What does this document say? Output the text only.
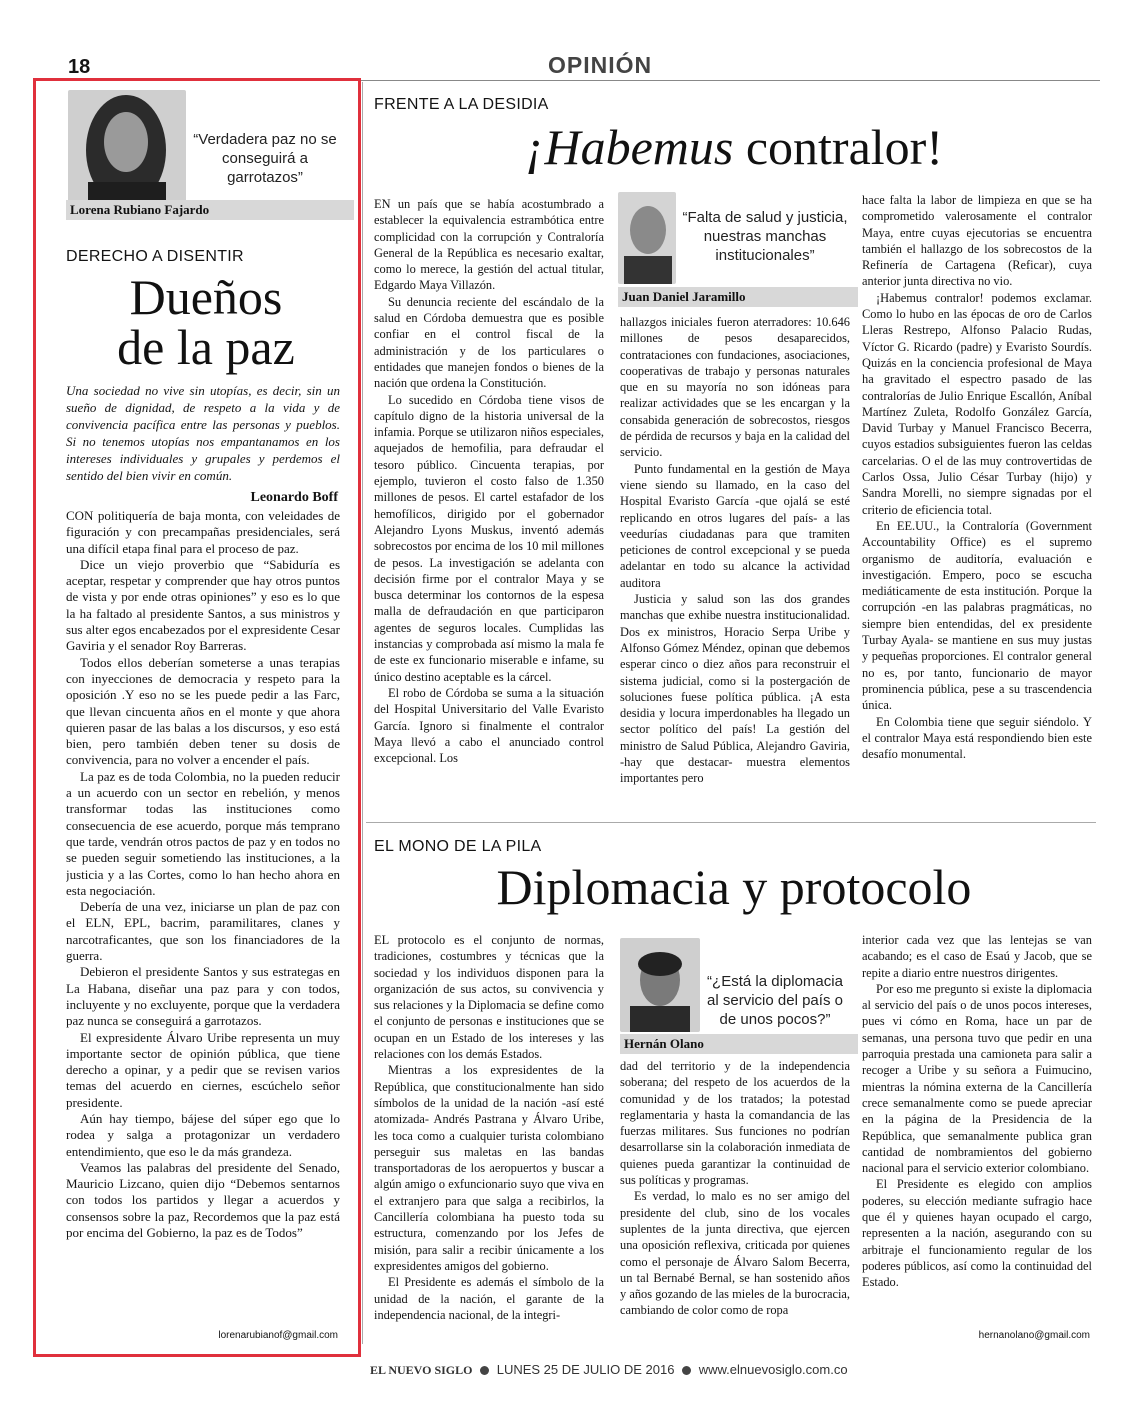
18	OPINIÓN
“Verdadera paz no se conseguirá a garrotazos”
Lorena Rubiano Fajardo
DERECHO A DISENTIR
Dueños
de la paz
Una sociedad no vive sin utopías, es decir, sin un sueño de dignidad, de respeto a la vida y de convivencia pacífica entre las personas y pueblos. Si no tenemos utopías nos empantanamos en los intereses individuales y grupales y perdemos el sentido del bien vivir en común.
Leonardo Boff

CON politiquería de baja monta, con veleidades de figuración y con precampañas presidenciales, será una difícil etapa final para el proceso de paz.

Dice un viejo proverbio que “Sabiduría es aceptar, respetar y comprender que hay otros puntos de vista y por ende otras opiniones” y eso es lo que la ha faltado al presidente Santos, a sus ministros y sus alter egos encabezados por el expresidente Cesar Gaviria y el senador Roy Barreras.

Todos ellos deberían someterse a unas terapias con inyecciones de democracia y respeto para la oposición .Y eso no se les puede pedir a las Farc, que llevan cincuenta años en el monte y que ahora quieren pasar de las balas a los discursos, y eso está bien, pero también deben tener su dosis de convivencia, para no volver a encender el país.

La paz es de toda Colombia, no la pueden reducir a un acuerdo con un sector en rebelión, y menos transformar todas las instituciones como consecuencia de ese acuerdo, porque más temprano que tarde, vendrán otros pactos de paz y en todos no se pueden seguir sometiendo las instituciones, a la justicia y a las Cortes, como lo han hecho ahora en esta negociación.

Debería de una vez, iniciarse un plan de paz con el ELN, EPL, bacrim, paramilitares, clanes y narcotraficantes, que son los financiadores de la guerra.

Debieron el presidente Santos y sus estrategas en La Habana, diseñar una paz para y con todos, incluyente y no excluyente, porque que la verdadera paz nunca se conseguirá a garrotazos.

El expresidente Álvaro Uribe representa un muy importante sector de opinión pública, que tiene derecho a opinar, y a pedir que se revisen varios temas del acuerdo en ciernes, escúchelo señor presidente.

Aún hay tiempo, bájese del súper ego que lo rodea y salga a protagonizar un verdadero entendimiento, que eso le da más grandeza.

Veamos las palabras del presidente del Senado, Mauricio Lizcano, quien dijo “Debemos sentarnos con todos los partidos y llegar a acuerdos y consensos sobre la paz, Recordemos que la paz está por encima del Gobierno, la paz es de Todos”

lorenarubianof@gmail.com
FRENTE A LA DESIDIA
¡Habemus contralor!

EN un país que se había acostumbrado a establecer la equivalencia estrambótica entre complicidad con la corrupción y Contraloría General de la República es necesario exaltar, como lo merece, la gestión del actual titular, Edgardo Maya Villazón.

Su denuncia reciente del escándalo de la salud en Córdoba demuestra que es posible confiar en el control fiscal de la administración y de los particulares o entidades que manejen fondos o bienes de la nación que ordena la Constitución.

Lo sucedido en Córdoba tiene visos de capítulo digno de la historia universal de la infamia. Porque se utilizaron niños especiales, aquejados de hemofilia, para defraudar el tesoro público. Cincuenta terapias, por ejemplo, tuvieron el costo falso de 1.350 millones de pesos. El cartel estafador de los hemofílicos, dirigido por el gobernador Alejandro Lyons Muskus, inventó además sobrecostos por encima de los 10 mil millones de pesos. La investigación se adelanta con decisión firme por el contralor Maya y se busca determinar los contornos de la espesa malla de defraudación en que participaron agentes de seguros locales. Cumplidas las instancias y comprobada así mismo la mala fe de este ex funcionario miserable e infame, su único destino aceptable es la cárcel.

El robo de Córdoba se suma a la situación del Hospital Universitario del Valle Evaristo García. Ignoro si finalmente el contralor Maya llevó a cabo el anunciado control excepcional. Los

“Falta de salud y justicia, nuestras manchas institucionales”
Juan Daniel Jaramillo

hallazgos iniciales fueron aterradores: 10.646 millones de pesos desaparecidos, contrataciones con fundaciones, asociaciones, cooperativas de trabajo y personas naturales que en su mayoría no son idóneas para realizar actividades que se les encargan y la consabida generación de sobrecostos, riesgos de pérdida de recursos y baja en la calidad del servicio.

Punto fundamental en la gestión de Maya viene siendo su llamado, en la caso del Hospital Evaristo García -que ojalá se esté replicando en otros lugares del país- a las veedurías ciudadanas para que tramiten peticiones de control excepcional y se pueda adelantar en todo su alcance la actividad auditora

Justicia y salud son las dos grandes manchas que exhibe nuestra institucionalidad. Dos ex ministros, Horacio Serpa Uribe y Alfonso Gómez Méndez, opinan que debemos esperar cinco o diez años para reconstruir el sistema judicial, como si la postergación de soluciones fuese política pública. ¡A esta desidia y locura imperdonables ha llegado un sector político del país! La gestión del ministro de Salud Pública, Alejandro Gaviria, -hay que destacar- muestra elementos importantes pero

hace falta la labor de limpieza en que se ha comprometido valerosamente el contralor Maya, entre cuyas ejecutorias se encuentra también el hallazgo de los sobrecostos de la Refinería de Cartagena (Reficar), cuya anterior junta directiva no vio.

¡Habemus contralor! podemos exclamar. Como lo hubo en las épocas de oro de Carlos Lleras Restrepo, Alfonso Palacio Rudas, Víctor G. Ricardo (padre) y Evaristo Sourdís. Quizás en la conciencia profesional de Maya ha gravitado el espectro pasado de las contralorías de Julio Enrique Escallón, Aníbal Martínez Zuleta, Rodolfo González García, David Turbay y Manuel Francisco Becerra, cuyos estadios subsiguientes fueron las celdas carcelarias. O el de las muy controvertidas de Carlos Ossa, Julio César Turbay (hijo) y Sandra Morelli, no siempre signadas por el criterio de eficiencia total.

En EE.UU., la Contraloría (Government Accountability Office) es el supremo organismo de auditoría, evaluación e investigación. Empero, poco se escucha mediáticamente de esta institución. Porque la corrupción -en las palabras pragmáticas, no siempre bien entendidas, del ex presidente Turbay Ayala- se mantiene en sus muy justas y pequeñas proporciones. El contralor general no es, por tanto, funcionario de mayor prominencia pública, pese a su trascendencia única.

En Colombia tiene que seguir siéndolo. Y el contralor Maya está respondiendo bien este desafío monumental.

EL MONO DE LA PILA
Diplomacia y protocolo

EL protocolo es el conjunto de normas, tradiciones, costumbres y técnicas que la sociedad y los individuos disponen para la organización de sus actos, su convivencia y sus relaciones y la Diplomacia se define como el conjunto de personas e instituciones que se ocupan en un Estado de los intereses y las relaciones con los demás Estados.

Mientras a los expresidentes de la República, que constitucionalmente han sido símbolos de la unidad de la nación -así esté atomizada- Andrés Pastrana y Álvaro Uribe, les toca como a cualquier turista colombiano perseguir sus maletas en las bandas transportadoras de los aeropuertos y buscar a algún amigo o exfuncionario suyo que viva en el extranjero para que salga a recibirlos, la Cancillería colombiana ha puesto toda su estructura, comenzando por los Jefes de misión, para salir a recibir únicamente a los expresidentes amigos del gobierno.

El Presidente es además el símbolo de la unidad de la nación, el garante de la independencia nacional, de la integri-

“¿Está la diplomacia al servicio del país o de unos pocos?”
Hernán Olano

dad del territorio y de la independencia soberana; del respeto de los acuerdos de la comunidad y de los tratados; la potestad reglamentaria y hasta la comandancia de las fuerzas militares. Sus funciones no podrían desarrollarse sin la colaboración inmediata de quienes pueda garantizar la continuidad de sus políticas y programas.

Es verdad, lo malo es no ser amigo del presidente del club, sino de los vocales suplentes de la junta directiva, que ejercen una oposición reflexiva, criticada por quienes como el personaje de Álvaro Salom Becerra, un tal Bernabé Bernal, se han sostenido años y años gozando de las mieles de la burocracia, cambiando de color como de ropa

interior cada vez que las lentejas se van acabando; es el caso de Esaú y Jacob, que se repite a diario entre nuestros dirigentes.

Por eso me pregunto si existe la diplomacia al servicio del país o de unos pocos intereses, pues vi cómo en Roma, hace un par de semanas, una persona tuvo que pedir en una parroquia prestada una camioneta para salir a recoger a Uribe y su señora a Fuimucino, mientras la nómina externa de la Cancillería crece semanalmente como se puede apreciar en la página de la Presidencia de la República, que semanalmente publica gran cantidad de nombramientos del gobierno nacional para el servicio exterior colombiano.

El Presidente es elegido con amplios poderes, su elección mediante sufragio hace que él y quienes hayan ocupado el cargo, representen a la nación, asegurando con su arbitraje el funcionamiento regular de los poderes públicos, así como la continuidad del Estado.

hernanolano@gmail.com
EL NUEVO SIGLO LUNES 25 DE JULIO DE 2016 www.elnuevosiglo.com.co
